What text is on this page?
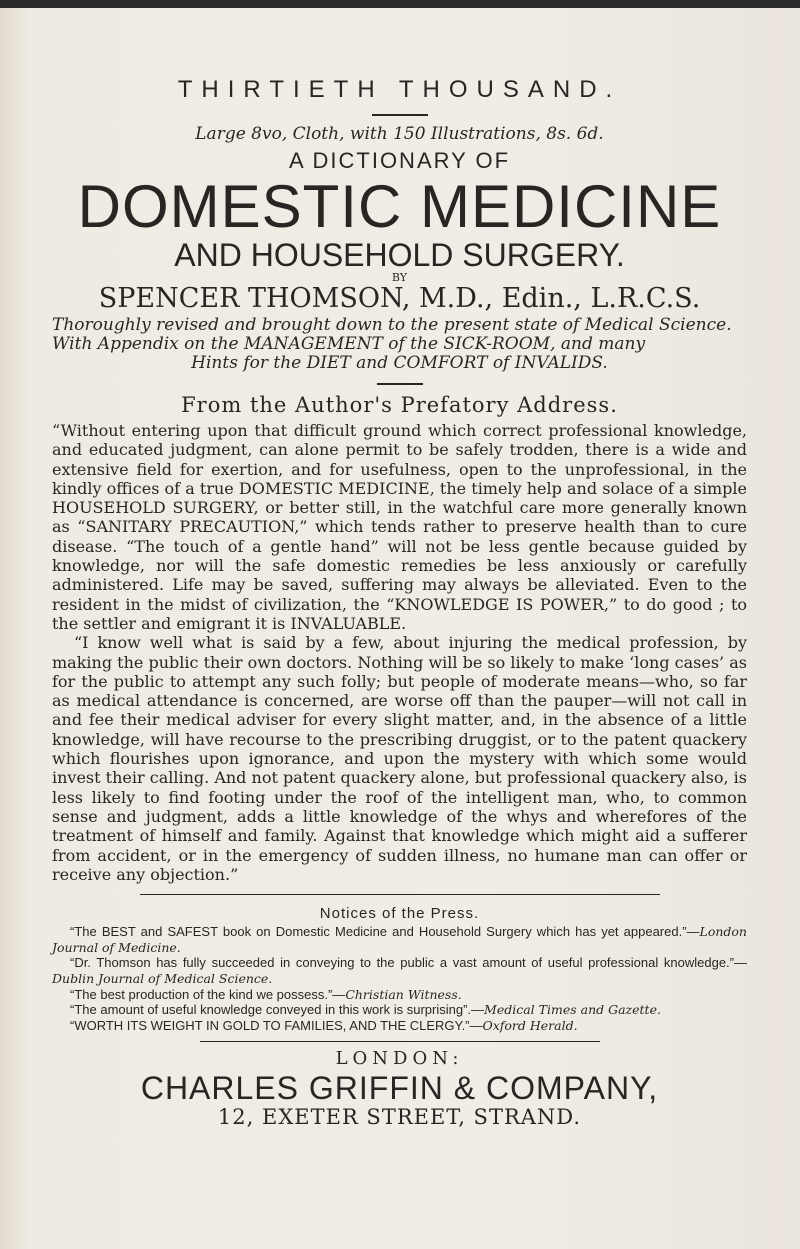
THIRTIETH THOUSAND.
Large 8vo, Cloth, with 150 Illustrations, 8s. 6d.
A DICTIONARY OF
DOMESTIC MEDICINE
AND HOUSEHOLD SURGERY.
BY
SPENCER THOMSON, M.D., Edin., L.R.C.S.
Thoroughly revised and brought down to the present state of Medical Science.
With Appendix on the MANAGEMENT of the SICK-ROOM, and many
Hints for the DIET and COMFORT of INVALIDS.
From the Author's Prefatory Address.

“Without entering upon that difficult ground which correct professional knowledge, and educated judgment, can alone permit to be safely trodden, there is a wide and extensive field for exertion, and for usefulness, open to the unprofessional, in the kindly offices of a true DOMESTIC MEDICINE, the timely help and solace of a simple HOUSEHOLD SURGERY, or better still, in the watchful care more generally known as “SANITARY PRECAUTION,” which tends rather to preserve health than to cure disease. “The touch of a gentle hand” will not be less gentle because guided by knowledge, nor will the safe domestic remedies be less anxiously or carefully administered. Life may be saved, suffering may always be alleviated. Even to the resident in the midst of civilization, the “KNOWLEDGE IS POWER,” to do good ; to the settler and emigrant it is INVALUABLE.

“I know well what is said by a few, about injuring the medical profession, by making the public their own doctors. Nothing will be so likely to make ‘long cases’ as for the public to attempt any such folly; but people of moderate means—who, so far as medical attendance is concerned, are worse off than the pauper—will not call in and fee their medical adviser for every slight matter, and, in the absence of a little knowledge, will have recourse to the prescribing druggist, or to the patent quackery which flourishes upon ignorance, and upon the mystery with which some would invest their calling. And not patent quackery alone, but professional quackery also, is less likely to find footing under the roof of the intelligent man, who, to common sense and judgment, adds a little knowledge of the whys and wherefores of the treatment of himself and family. Against that knowledge which might aid a sufferer from accident, or in the emergency of sudden illness, no humane man can offer or receive any objection.”

Notices of the Press.

“The BEST and SAFEST book on Domestic Medicine and Household Surgery which has yet appeared.”—London Journal of Medicine.

“Dr. Thomson has fully succeeded in conveying to the public a vast amount of useful professional knowledge.”—Dublin Journal of Medical Science.

“The best production of the kind we possess.”—Christian Witness.

“The amount of useful knowledge conveyed in this work is surprising”.—Medical Times and Gazette.

“WORTH ITS WEIGHT IN GOLD TO FAMILIES, AND THE CLERGY.”—Oxford Herald.

LONDON:
CHARLES GRIFFIN & COMPANY,
12, EXETER STREET, STRAND.
